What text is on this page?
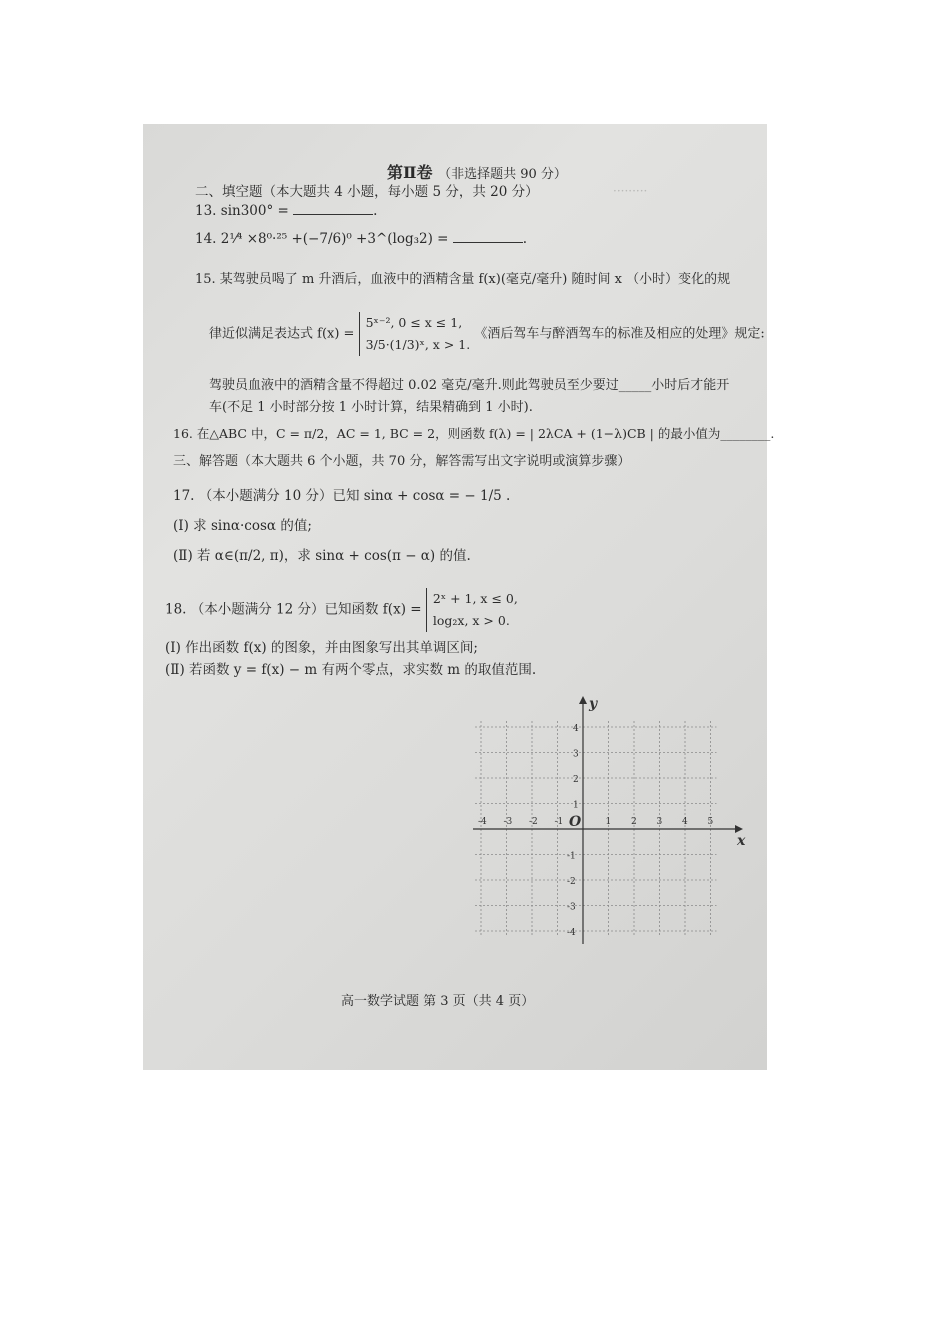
·········
第Ⅱ卷 （非选择题共 90 分）
二、填空题（本大题共 4 小题，每小题 5 分，共 20 分）
13. sin300° =	.
14. 2¹⁄⁴ ×8⁰·²⁵ +(−7/6)⁰ +3^(log₃2) =	.
15. 某驾驶员喝了 m 升酒后，血液中的酒精含量 f(x)(毫克/毫升) 随时间 x （小时）变化的规
律近似满足表达式 f(x) =
5ˣ⁻², 0 ≤ x ≤ 1,
3/5·(1/3)ˣ, x > 1.
《酒后驾车与醉酒驾车的标准及相应的处理》规定:
驾驶员血液中的酒精含量不得超过 0.02 毫克/毫升.则此驾驶员至少要过_____小时后才能开
车(不足 1 小时部分按 1 小时计算，结果精确到 1 小时).
16. 在△ABC 中，C = π/2，AC = 1, BC = 2，则函数 f(λ) = | 2λCA + (1−λ)CB | 的最小值为________.
三、解答题（本大题共 6 个小题，共 70 分，解答需写出文字说明或演算步骤）
17. （本小题满分 10 分）已知 sinα + cosα = − 1/5 .
(Ⅰ) 求 sinα·cosα 的值;
(Ⅱ) 若 α∈(π/2, π)，求 sinα + cos(π − α) 的值.
18. （本小题满分 12 分）已知函数 f(x) =
2ˣ + 1, x ≤ 0,
log₂x, x > 0.
(Ⅰ) 作出函数 f(x) 的图象，并由图象写出其单调区间;
(Ⅱ) 若函数 y = f(x) − m 有两个零点，求实数 m 的取值范围.
x
y
O
-4 -3 -2 -1	1 2 3 4 5
4
3
2
1
-1
-2
-3
-4
高一数学试题 第 3 页（共 4 页）
